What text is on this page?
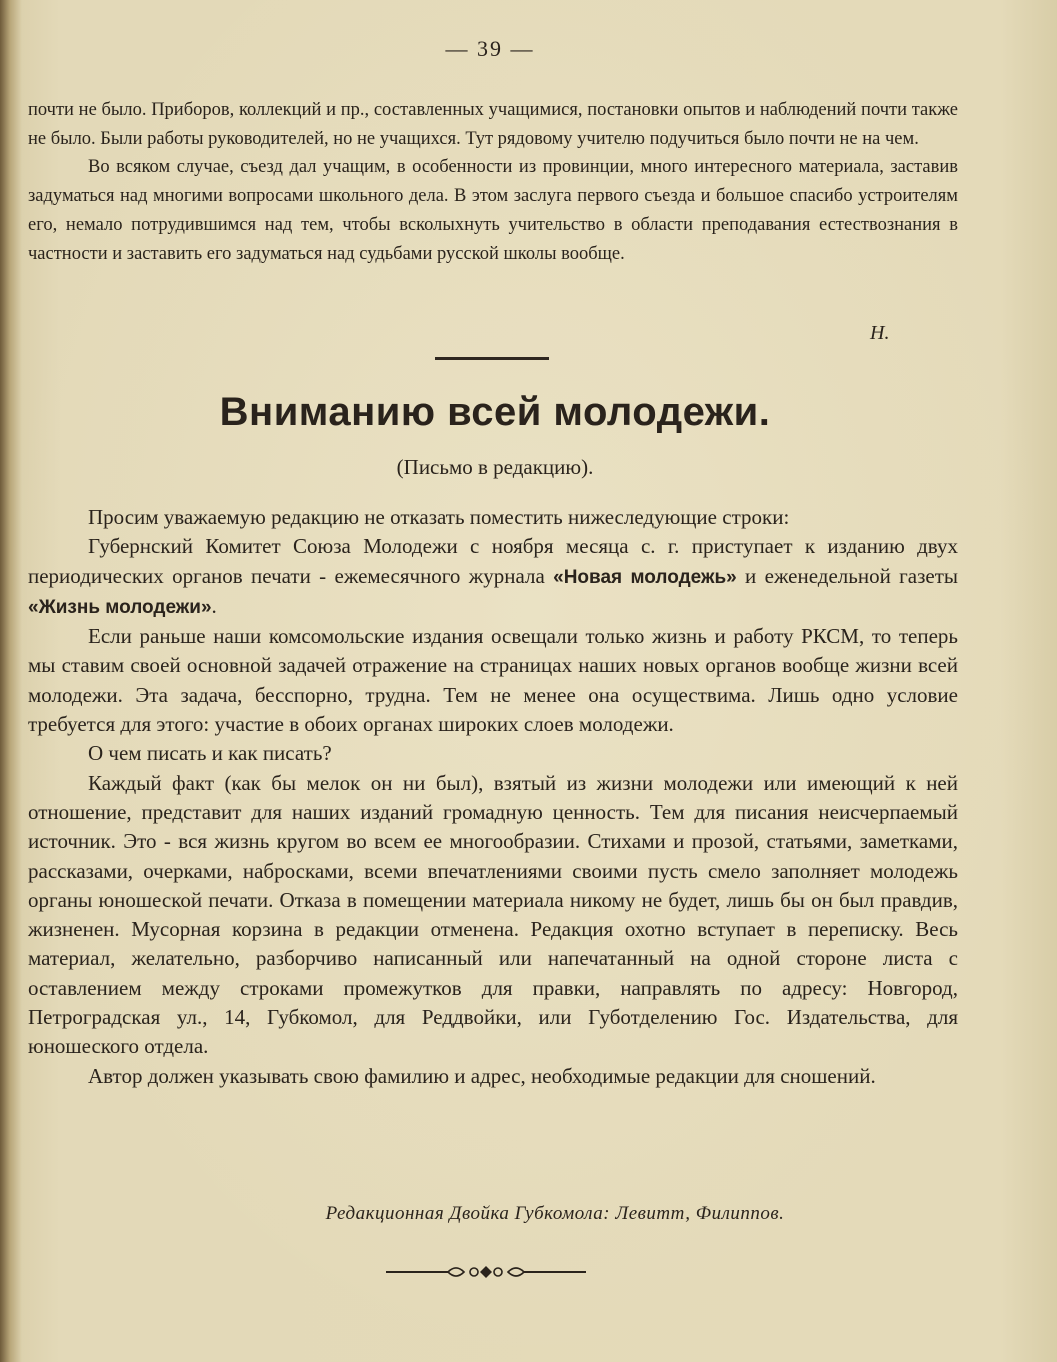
— 39 —

почти не было. Приборов, коллекций и пр., составленных учащимися, постановки опытов и наблюдений почти также не было. Были работы руководителей, но не учащихся. Тут рядовому учителю подучиться было почти не на чем.

Во всяком случае, съезд дал учащим, в особенности из провинции, много интересного материала, заставив задуматься над многими вопросами школьного дела. В этом заслуга первого съезда и большое спасибо устроителям его, немало потрудившимся над тем, чтобы всколыхнуть учительство в области преподавания естествознания в частности и заставить его задуматься над судьбами русской школы вообще.

Н.
Вниманию всей молодежи.
(Письмо в редакцию).

Просим уважаемую редакцию не отказать поместить нижеследующие строки:

Губернский Комитет Союза Молодежи с ноября месяца с. г. приступает к изданию двух периодических органов печати - ежемесячного журнала «Новая молодежь» и еженедельной газеты «Жизнь молодежи».

Если раньше наши комсомольские издания освещали только жизнь и работу РКСМ, то теперь мы ставим своей основной задачей отражение на страницах наших новых органов вообще жизни всей молодежи. Эта задача, бесспорно, трудна. Тем не менее она осуществима. Лишь одно условие требуется для этого: участие в обоих органах широких слоев молодежи.

О чем писать и как писать?

Каждый факт (как бы мелок он ни был), взятый из жизни молодежи или имеющий к ней отношение, представит для наших изданий громадную ценность. Тем для писания неисчерпаемый источник. Это - вся жизнь кругом во всем ее многообразии. Стихами и прозой, статьями, заметками, рассказами, очерками, набросками, всеми впечатлениями своими пусть смело заполняет молодежь органы юношеской печати. Отказа в помещении материала никому не будет, лишь бы он был правдив, жизненен. Мусорная корзина в редакции отменена. Редакция охотно вступает в переписку. Весь материал, желательно, разборчиво написанный или напечатанный на одной стороне листа с оставлением между строками промежутков для правки, направлять по адресу: Новгород, Петроградская ул., 14, Губкомол, для Реддвойки, или Губотделению Гос. Издательства, для юношеского отдела.

Автор должен указывать свою фамилию и адрес, необходимые редакции для сношений.

Редакционная Двойка Губкомола: Левитт, Филиппов.
